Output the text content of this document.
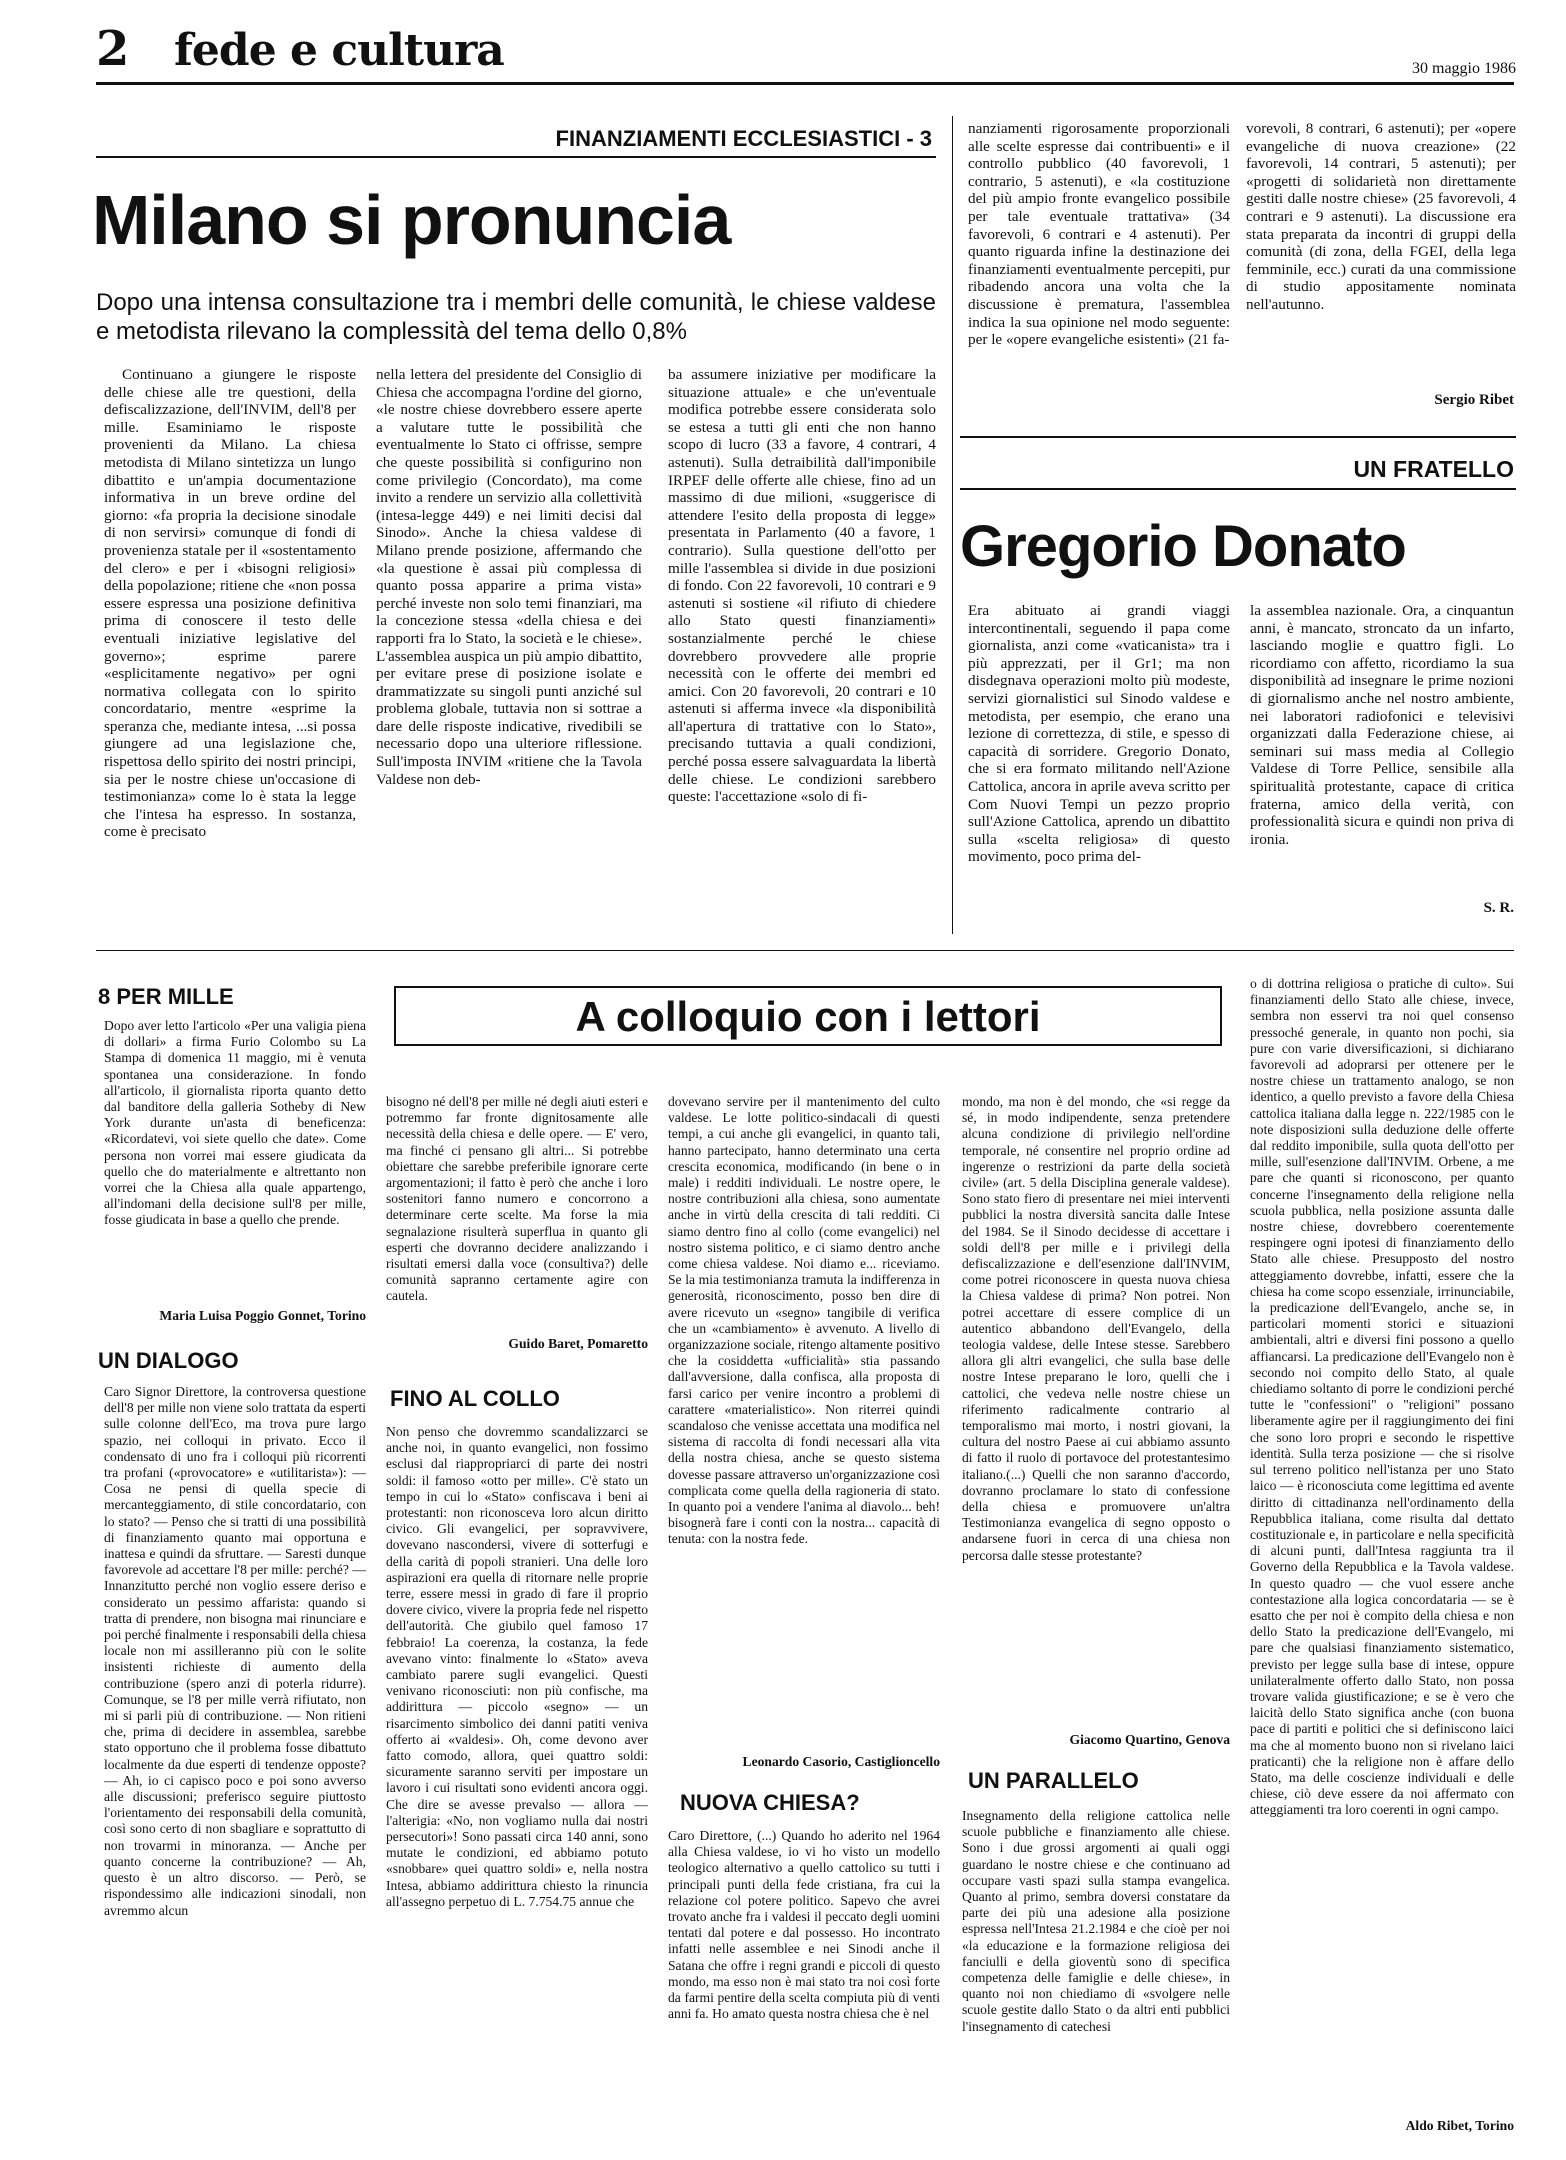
2 fede e cultura	30 maggio 1986
FINANZIAMENTI ECCLESIASTICI - 3
Milano si pronuncia
Dopo una intensa consultazione tra i membri delle comunità, le chiese valdese e metodista rilevano la complessità del tema dello 0,8%
Continuano a giungere le risposte delle chiese alle tre questioni, della defiscalizzazione, dell'INVIM, dell'8 per mille. Esaminiamo le risposte provenienti da Milano. La chiesa metodista di Milano sintetizza un lungo dibattito e un'ampia documentazione informativa in un breve ordine del giorno: «fa propria la decisione sinodale di non servirsi» comunque di fondi di provenienza statale per il «sostentamento del clero» e per i «bisogni religiosi» della popolazione; ritiene che «non possa essere espressa una posizione definitiva prima di conoscere il testo delle eventuali iniziative legislative del governo»; esprime parere «esplicitamente negativo» per ogni normativa collegata con lo spirito concordatario, mentre «esprime la speranza che, mediante intesa, ...si possa giungere ad una legislazione che, rispettosa dello spirito dei nostri principi, sia per le nostre chiese un'occasione di testimonianza» come lo è stata la legge che l'intesa ha espresso. In sostanza, come è precisato
nella lettera del presidente del Consiglio di Chiesa che accompagna l'ordine del giorno, «le nostre chiese dovrebbero essere aperte a valutare tutte le possibilità che eventualmente lo Stato ci offrisse, sempre che queste possibilità si configurino non come privilegio (Concordato), ma come invito a rendere un servizio alla collettività (intesa-legge 449) e nei limiti decisi dal Sinodo». Anche la chiesa valdese di Milano prende posizione, affermando che «la questione è assai più complessa di quanto possa apparire a prima vista» perché investe non solo temi finanziari, ma la concezione stessa «della chiesa e dei rapporti fra lo Stato, la società e le chiese». L'assemblea auspica un più ampio dibattito, per evitare prese di posizione isolate e drammatizzate su singoli punti anziché sul problema globale, tuttavia non si sottrae a dare delle risposte indicative, rivedibili se necessario dopo una ulteriore riflessione. Sull'imposta INVIM «ritiene che la Tavola Valdese non deb-
ba assumere iniziative per modificare la situazione attuale» e che un'eventuale modifica potrebbe essere considerata solo se estesa a tutti gli enti che non hanno scopo di lucro (33 a favore, 4 contrari, 4 astenuti). Sulla detraibilità dall'imponibile IRPEF delle offerte alle chiese, fino ad un massimo di due milioni, «suggerisce di attendere l'esito della proposta di legge» presentata in Parlamento (40 a favore, 1 contrario). Sulla questione dell'otto per mille l'assemblea si divide in due posizioni di fondo. Con 22 favorevoli, 10 contrari e 9 astenuti si sostiene «il rifiuto di chiedere allo Stato questi finanziamenti» sostanzialmente perché le chiese dovrebbero provvedere alle proprie necessità con le offerte dei membri ed amici. Con 20 favorevoli, 20 contrari e 10 astenuti si afferma invece «la disponibilità all'apertura di trattative con lo Stato», precisando tuttavia a quali condizioni, perché possa essere salvaguardata la libertà delle chiese. Le condizioni sarebbero queste: l'accettazione «solo di fi-
nanziamenti rigorosamente proporzionali alle scelte espresse dai contribuenti» e il controllo pubblico (40 favorevoli, 1 contrario, 5 astenuti), e «la costituzione del più ampio fronte evangelico possibile per tale eventuale trattativa» (34 favorevoli, 6 contrari e 4 astenuti). Per quanto riguarda infine la destinazione dei finanziamenti eventualmente percepiti, pur ribadendo ancora una volta che la discussione è prematura, l'assemblea indica la sua opinione nel modo seguente: per le «opere evangeliche esistenti» (21 fa-
vorevoli, 8 contrari, 6 astenuti); per «opere evangeliche di nuova creazione» (22 favorevoli, 14 contrari, 5 astenuti); per «progetti di solidarietà non direttamente gestiti dalle nostre chiese» (25 favorevoli, 4 contrari e 9 astenuti). La discussione era stata preparata da incontri di gruppi della comunità (di zona, della FGEI, della lega femminile, ecc.) curati da una commissione di studio appositamente nominata nell'autunno.
Sergio Ribet
UN FRATELLO
Gregorio Donato
Era abituato ai grandi viaggi intercontinentali, seguendo il papa come giornalista, anzi come «vaticanista» tra i più apprezzati, per il Gr1; ma non disdegnava operazioni molto più modeste, servizi giornalistici sul Sinodo valdese e metodista, per esempio, che erano una lezione di correttezza, di stile, e spesso di capacità di sorridere. Gregorio Donato, che si era formato militando nell'Azione Cattolica, ancora in aprile aveva scritto per Com Nuovi Tempi un pezzo proprio sull'Azione Cattolica, aprendo un dibattito sulla «scelta religiosa» di questo movimento, poco prima del-
la assemblea nazionale. Ora, a cinquantun anni, è mancato, stroncato da un infarto, lasciando moglie e quattro figli. Lo ricordiamo con affetto, ricordiamo la sua disponibilità ad insegnare le prime nozioni di giornalismo anche nel nostro ambiente, nei laboratori radiofonici e televisivi organizzati dalla Federazione chiese, ai seminari sui mass media al Collegio Valdese di Torre Pellice, sensibile alla spiritualità protestante, capace di critica fraterna, amico della verità, con professionalità sicura e quindi non priva di ironia.
S. R.
A colloquio con i lettori
8 PER MILLE
Dopo aver letto l'articolo «Per una valigia piena di dollari» a firma Furio Colombo su La Stampa di domenica 11 maggio, mi è venuta spontanea una considerazione. In fondo all'articolo, il giornalista riporta quanto detto dal banditore della galleria Sotheby di New York durante un'asta di beneficenza: «Ricordatevi, voi siete quello che date». Come persona non vorrei mai essere giudicata da quello che do materialmente e altrettanto non vorrei che la Chiesa alla quale appartengo, all'indomani della decisione sull'8 per mille, fosse giudicata in base a quello che prende.
Maria Luisa Poggio Gonnet, Torino
UN DIALOGO
Caro Signor Direttore, la controversa questione dell'8 per mille non viene solo trattata da esperti sulle colonne dell'Eco, ma trova pure largo spazio, nei colloqui in privato. Ecco il condensato di uno fra i colloqui più ricorrenti tra profani («provocatore» e «utilitarista»): — Cosa ne pensi di quella specie di mercanteggiamento, di stile concordatario, con lo stato? — Penso che si tratti di una possibilità di finanziamento quanto mai opportuna e inattesa e quindi da sfruttare. — Saresti dunque favorevole ad accettare l'8 per mille: perché? — Innanzitutto perché non voglio essere deriso e considerato un pessimo affarista: quando si tratta di prendere, non bisogna mai rinunciare e poi perché finalmente i responsabili della chiesa locale non mi assilleranno più con le solite insistenti richieste di aumento della contribuzione (spero anzi di poterla ridurre). Comunque, se l'8 per mille verrà rifiutato, non mi si parli più di contribuzione. — Non ritieni che, prima di decidere in assemblea, sarebbe stato opportuno che il problema fosse dibattuto localmente da due esperti di tendenze opposte? — Ah, io ci capisco poco e poi sono avverso alle discussioni; preferisco seguire piuttosto l'orientamento dei responsabili della comunità, così sono certo di non sbagliare e soprattutto di non trovarmi in minoranza. — Anche per quanto concerne la contribuzione? — Ah, questo è un altro discorso. — Però, se rispondessimo alle indicazioni sinodali, non avremmo alcun
bisogno né dell'8 per mille né degli aiuti esteri e potremmo far fronte dignitosamente alle necessità della chiesa e delle opere. — E' vero, ma finché ci pensano gli altri... Si potrebbe obiettare che sarebbe preferibile ignorare certe argomentazioni; il fatto è però che anche i loro sostenitori fanno numero e concorrono a determinare certe scelte. Ma forse la mia segnalazione risulterà superflua in quanto gli esperti che dovranno decidere analizzando i risultati emersi dalla voce (consultiva?) delle comunità sapranno certamente agire con cautela.
Guido Baret, Pomaretto
FINO AL COLLO
Non penso che dovremmo scandalizzarci se anche noi, in quanto evangelici, non fossimo esclusi dal riappropriarci di parte dei nostri soldi: il famoso «otto per mille». C'è stato un tempo in cui lo «Stato» confiscava i beni ai protestanti: non riconosceva loro alcun diritto civico. Gli evangelici, per sopravvivere, dovevano nascondersi, vivere di sotterfugi e della carità di popoli stranieri. Una delle loro aspirazioni era quella di ritornare nelle proprie terre, essere messi in grado di fare il proprio dovere civico, vivere la propria fede nel rispetto dell'autorità. Che giubilo quel famoso 17 febbraio! La coerenza, la costanza, la fede avevano vinto: finalmente lo «Stato» aveva cambiato parere sugli evangelici. Questi venivano riconosciuti: non più confische, ma addirittura — piccolo «segno» — un risarcimento simbolico dei danni patiti veniva offerto ai «valdesi». Oh, come devono aver fatto comodo, allora, quei quattro soldi: sicuramente saranno serviti per impostare un lavoro i cui risultati sono evidenti ancora oggi. Che dire se avesse prevalso — allora — l'alterigia: «No, non vogliamo nulla dai nostri persecutori»! Sono passati circa 140 anni, sono mutate le condizioni, ed abbiamo potuto «snobbare» quei quattro soldi» e, nella nostra Intesa, abbiamo addirittura chiesto la rinuncia all'assegno perpetuo di L. 7.754.75 annue che
dovevano servire per il mantenimento del culto valdese. Le lotte politico-sindacali di questi tempi, a cui anche gli evangelici, in quanto tali, hanno partecipato, hanno determinato una certa crescita economica, modificando (in bene o in male) i redditi individuali. Le nostre opere, le nostre contribuzioni alla chiesa, sono aumentate anche in virtù della crescita di tali redditi. Ci siamo dentro fino al collo (come evangelici) nel nostro sistema politico, e ci siamo dentro anche come chiesa valdese. Noi diamo e... riceviamo. Se la mia testimonianza tramuta la indifferenza in generosità, riconoscimento, posso ben dire di avere ricevuto un «segno» tangibile di verifica che un «cambiamento» è avvenuto. A livello di organizzazione sociale, ritengo altamente positivo che la cosiddetta «ufficialità» stia passando dall'avversione, dalla confisca, alla proposta di farsi carico per venire incontro a problemi di carattere «materialistico». Non riterrei quindi scandaloso che venisse accettata una modifica nel sistema di raccolta di fondi necessari alla vita della nostra chiesa, anche se questo sistema dovesse passare attraverso un'organizzazione così complicata come quella della ragioneria di stato. In quanto poi a vendere l'anima al diavolo... beh! bisognerà fare i conti con la nostra... capacità di tenuta: con la nostra fede.
Leonardo Casorio, Castiglioncello
NUOVA CHIESA?
Caro Direttore, (...) Quando ho aderito nel 1964 alla Chiesa valdese, io vi ho visto un modello teologico alternativo a quello cattolico su tutti i principali punti della fede cristiana, fra cui la relazione col potere politico. Sapevo che avrei trovato anche fra i valdesi il peccato degli uomini tentati dal potere e dal possesso. Ho incontrato infatti nelle assemblee e nei Sinodi anche il Satana che offre i regni grandi e piccoli di questo mondo, ma esso non è mai stato tra noi così forte da farmi pentire della scelta compiuta più di venti anni fa. Ho amato questa nostra chiesa che è nel
mondo, ma non è del mondo, che «si regge da sé, in modo indipendente, senza pretendere alcuna condizione di privilegio nell'ordine temporale, né consentire nel proprio ordine ad ingerenze o restrizioni da parte della società civile» (art. 5 della Disciplina generale valdese). Sono stato fiero di presentare nei miei interventi pubblici la nostra diversità sancita dalle Intese del 1984. Se il Sinodo decidesse di accettare i soldi dell'8 per mille e i privilegi della defiscalizzazione e dell'esenzione dall'INVIM, come potrei riconoscere in questa nuova chiesa la Chiesa valdese di prima? Non potrei. Non potrei accettare di essere complice di un autentico abbandono dell'Evangelo, della teologia valdese, delle Intese stesse. Sarebbero allora gli altri evangelici, che sulla base delle nostre Intese preparano le loro, quelli che i cattolici, che vedeva nelle nostre chiese un riferimento radicalmente contrario al temporalismo mai morto, i nostri giovani, la cultura del nostro Paese ai cui abbiamo assunto di fatto il ruolo di portavoce del protestantesimo italiano.(...) Quelli che non saranno d'accordo, dovranno proclamare lo stato di confessione della chiesa e promuovere un'altra Testimonianza evangelica di segno opposto o andarsene fuori in cerca di una chiesa non percorsa dalle stesse protestante?
Giacomo Quartino, Genova
UN PARALLELO
Insegnamento della religione cattolica nelle scuole pubbliche e finanziamento alle chiese. Sono i due grossi argomenti ai quali oggi guardano le nostre chiese e che continuano ad occupare vasti spazi sulla stampa evangelica. Quanto al primo, sembra doversi constatare da parte dei più una adesione alla posizione espressa nell'Intesa 21.2.1984 e che cioè per noi «la educazione e la formazione religiosa dei fanciulli e della gioventù sono di specifica competenza delle famiglie e delle chiese», in quanto noi non chiediamo di «svolgere nelle scuole gestite dallo Stato o da altri enti pubblici l'insegnamento di catechesi
o di dottrina religiosa o pratiche di culto». Sui finanziamenti dello Stato alle chiese, invece, sembra non esservi tra noi quel consenso pressoché generale, in quanto non pochi, sia pure con varie diversificazioni, si dichiarano favorevoli ad adoprarsi per ottenere per le nostre chiese un trattamento analogo, se non identico, a quello previsto a favore della Chiesa cattolica italiana dalla legge n. 222/1985 con le note disposizioni sulla deduzione delle offerte dal reddito imponibile, sulla quota dell'otto per mille, sull'esenzione dall'INVIM. Orbene, a me pare che quanti si riconoscono, per quanto concerne l'insegnamento della religione nella scuola pubblica, nella posizione assunta dalle nostre chiese, dovrebbero coerentemente respingere ogni ipotesi di finanziamento dello Stato alle chiese. Presupposto del nostro atteggiamento dovrebbe, infatti, essere che la chiesa ha come scopo essenziale, irrinunciabile, la predicazione dell'Evangelo, anche se, in particolari momenti storici e situazioni ambientali, altri e diversi fini possono a quello affiancarsi. La predicazione dell'Evangelo non è secondo noi compito dello Stato, al quale chiediamo soltanto di porre le condizioni perché tutte le "confessioni" o "religioni" possano liberamente agire per il raggiungimento dei fini che sono loro propri e secondo le rispettive identità. Sulla terza posizione — che si risolve sul terreno politico nell'istanza per uno Stato laico — è riconosciuta come legittima ed avente diritto di cittadinanza nell'ordinamento della Repubblica italiana, come risulta dal dettato costituzionale e, in particolare e nella specificità di alcuni punti, dall'Intesa raggiunta tra il Governo della Repubblica e la Tavola valdese. In questo quadro — che vuol essere anche contestazione alla logica concordataria — se è esatto che per noi è compito della chiesa e non dello Stato la predicazione dell'Evangelo, mi pare che qualsiasi finanziamento sistematico, previsto per legge sulla base di intese, oppure unilateralmente offerto dallo Stato, non possa trovare valida giustificazione; e se è vero che laicità dello Stato significa anche (con buona pace di partiti e politici che si definiscono laici ma che al momento buono non si rivelano laici praticanti) che la religione non è affare dello Stato, ma delle coscienze individuali e delle chiese, ciò deve essere da noi affermato con atteggiamenti tra loro coerenti in ogni campo.
Aldo Ribet, Torino
